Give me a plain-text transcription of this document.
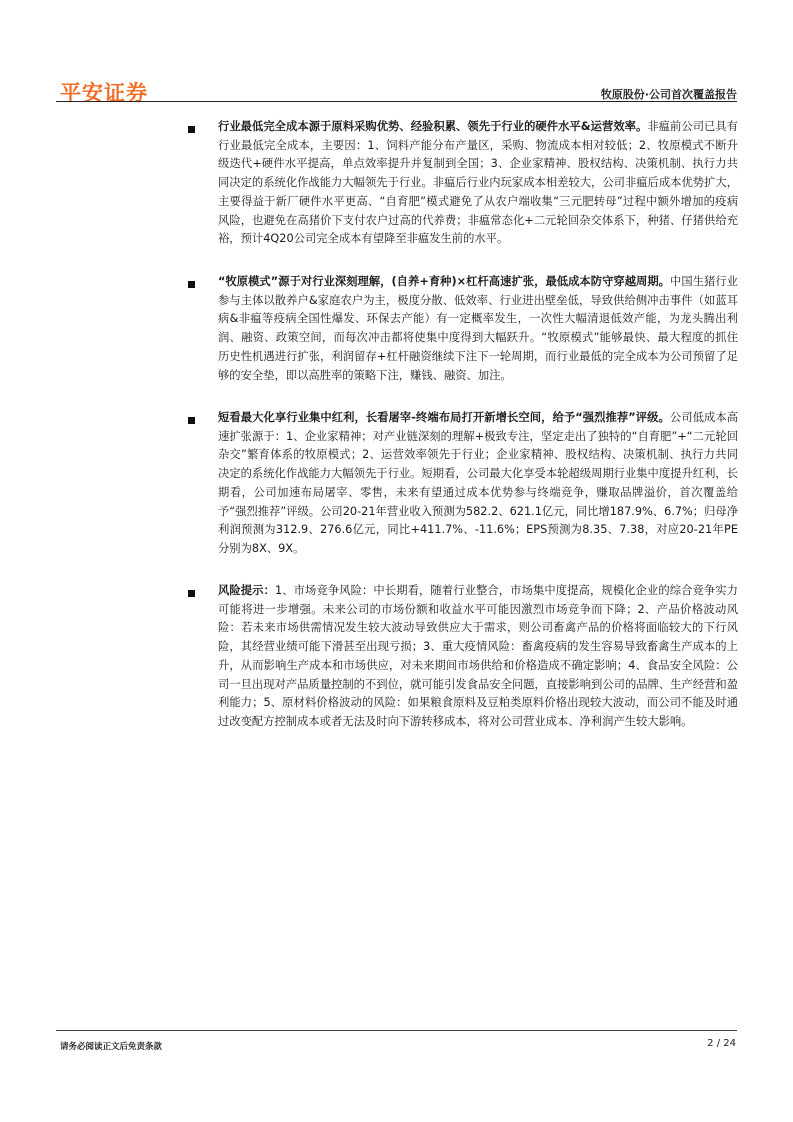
平安证券	牧原股份·公司首次覆盖报告

行业最低完全成本源于原料采购优势、经验积累、领先于行业的硬件水平&运营效率。非瘟前公司已具有行业最低完全成本，主要因：1、饲料产能分布产量区，采购、物流成本相对较低；2、牧原模式不断升级迭代+硬件水平提高，单点效率提升并复制到全国；3、企业家精神、股权结构、决策机制、执行力共同决定的系统化作战能力大幅领先于行业。非瘟后行业内玩家成本相差较大，公司非瘟后成本优势扩大，主要得益于新厂硬件水平更高、“自育肥”模式避免了从农户端收集“三元肥转母”过程中额外增加的疫病风险，也避免在高猪价下支付农户过高的代养费；非瘟常态化+二元轮回杂交体系下，种猪、仔猪供给充裕，预计4Q20公司完全成本有望降至非瘟发生前的水平。

“牧原模式”源于对行业深刻理解，(自养+育种)×杠杆高速扩张，最低成本防守穿越周期。中国生猪行业参与主体以散养户&家庭农户为主，极度分散、低效率、行业进出壁垒低，导致供给侧冲击事件（如蓝耳病&非瘟等疫病全国性爆发、环保去产能）有一定概率发生，一次性大幅清退低效产能，为龙头腾出利润、融资、政策空间，而每次冲击都将使集中度得到大幅跃升。“牧原模式”能够最快、最大程度的抓住历史性机遇进行扩张，利润留存+杠杆融资继续下注下一轮周期，而行业最低的完全成本为公司预留了足够的安全垫，即以高胜率的策略下注，赚钱、融资、加注。

短看最大化享行业集中红利，长看屠宰-终端布局打开新增长空间，给予“强烈推荐”评级。公司低成本高速扩张源于：1、企业家精神；对产业链深刻的理解+极致专注，坚定走出了独特的“自育肥”+“二元轮回杂交”繁育体系的牧原模式；2、运营效率领先于行业；企业家精神、股权结构、决策机制、执行力共同决定的系统化作战能力大幅领先于行业。短期看，公司最大化享受本轮超级周期行业集中度提升红利，长期看，公司加速布局屠宰、零售，未来有望通过成本优势参与终端竞争，赚取品牌溢价，首次覆盖给予“强烈推荐”评级。公司20-21年营业收入预测为582.2、621.1亿元，同比增187.9%、6.7%；归母净利润预测为312.9、276.6亿元，同比+411.7%、-11.6%；EPS预测为8.35、7.38，对应20-21年PE分别为8X、9X。

风险提示：1、市场竞争风险：中长期看，随着行业整合，市场集中度提高，规模化企业的综合竞争实力可能将进一步增强。未来公司的市场份额和收益水平可能因激烈市场竞争而下降；2、产品价格波动风险：若未来市场供需情况发生较大波动导致供应大于需求，则公司畜禽产品的价格将面临较大的下行风险，其经营业绩可能下滑甚至出现亏损；3、重大疫情风险：畜禽疫病的发生容易导致畜禽生产成本的上升，从而影响生产成本和市场供应，对未来期间市场供给和价格造成不确定影响；4、食品安全风险：公司一旦出现对产品质量控制的不到位，就可能引发食品安全问题，直接影响到公司的品牌、生产经营和盈利能力；5、原材料价格波动的风险：如果粮食原料及豆粕类原料价格出现较大波动，而公司不能及时通过改变配方控制成本或者无法及时向下游转移成本，将对公司营业成本、净利润产生较大影响。

请务必阅读正文后免责条款	2 / 24
